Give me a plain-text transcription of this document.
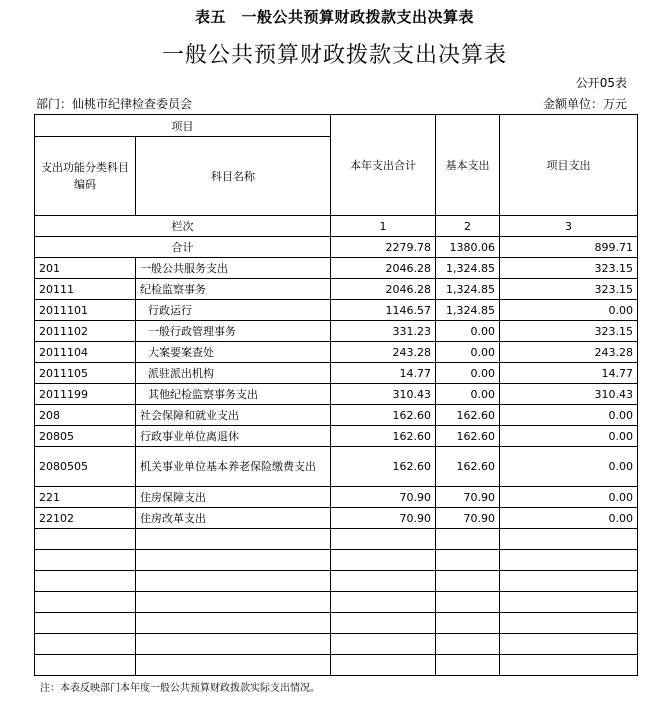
表五　一般公共预算财政拨款支出决算表
一般公共预算财政拨款支出决算表
公开05表
部门：仙桃市纪律检查委员会	金额单位：万元
项目		本年支出合计	基本支出	项目支出
支出功能分类科目编码	科目名称			
栏次		1	2	3
合计		2279.78	1380.06	899.71
201	一般公共服务支出	2046.28	1,324.85	323.15
20111	纪检监察事务	2046.28	1,324.85	323.15
2011101	行政运行	1146.57	1,324.85	0.00
2011102	一般行政管理事务	331.23	0.00	323.15
2011104	大案要案查处	243.28	0.00	243.28
2011105	派驻派出机构	14.77	0.00	14.77
2011199	其他纪检监察事务支出	310.43	0.00	310.43
208	社会保障和就业支出	162.60	162.60	0.00
20805	行政事业单位离退休	162.60	162.60	0.00
2080505	机关事业单位基本养老保险缴费支出	162.60	162.60	0.00
221	住房保障支出	70.90	70.90	0.00
22102	住房改革支出	70.90	70.90	0.00

注：本表反映部门本年度一般公共预算财政拨款实际支出情况。
